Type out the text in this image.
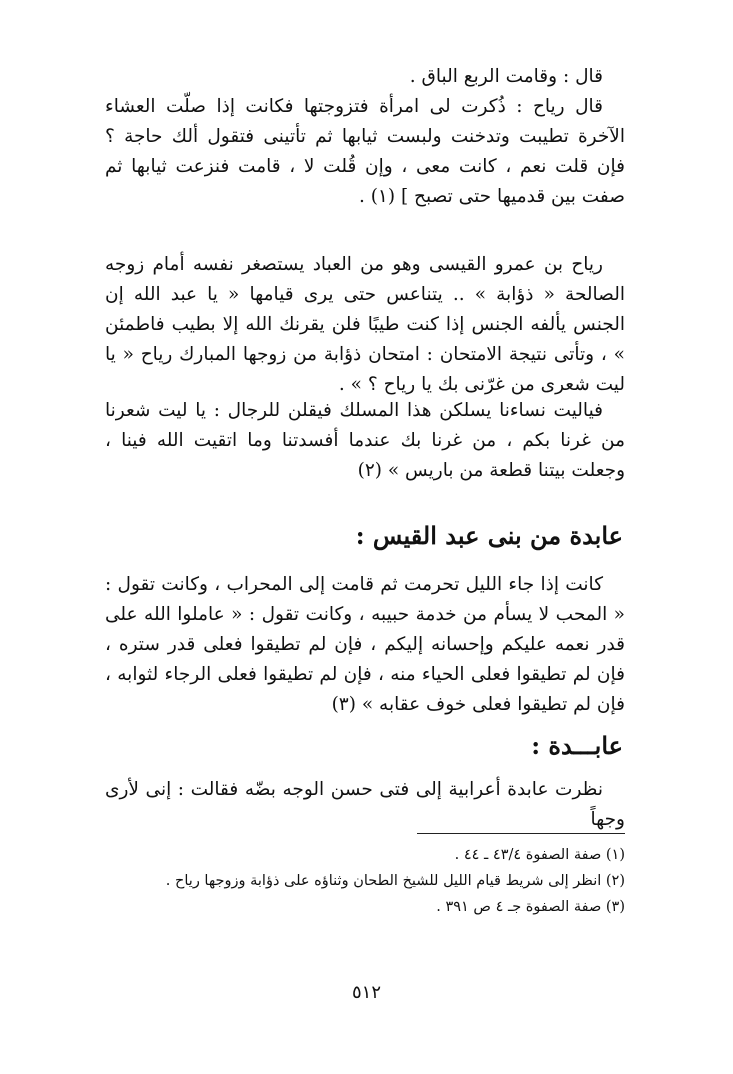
قال : وقامت الربع الباق .

قال رياح : ذُكرت لى امرأة فتزوجتها فكانت إذا صلّت العشاء الآخرة تطيبت وتدخنت ولبست ثيابها ثم تأتينى فتقول ألك حاجة ؟ فإن قلت نعم ، كانت معى ، وإن قُلت لا ، قامت فنزعت ثيابها ثم صفت بين قدميها حتى تصبح ] (١) .

رياح بن عمرو القيسى وهو من العباد يستصغر نفسه أمام زوجه الصالحة « ذؤابة » .. يتناعس حتى يرى قيامها « يا عبد الله إن الجنس يألفه الجنس إذا كنت طيبًا فلن يقرنك الله إلا بطيب فاطمئن » ، وتأتى نتيجة الامتحان : امتحان ذؤابة من زوجها المبارك رياح « يا ليت شعرى من غرّنى بك يا رياح ؟ » .

فياليت نساءنا يسلكن هذا المسلك فيقلن للرجال : يا ليت شعرنا من غرنا بكم ، من غرنا بك عندما أفسدتنا وما اتقيت الله فينا ، وجعلت بيتنا قطعة من باريس » (٢)

عابدة من بنى عبد القيس :

كانت إذا جاء الليل تحرمت ثم قامت إلى المحراب ، وكانت تقول : « المحب لا يسأم من خدمة حبيبه ، وكانت تقول : « عاملوا الله على قدر نعمه عليكم وإحسانه إليكم ، فإن لم تطيقوا فعلى قدر ستره ، فإن لم تطيقوا فعلى الحياء منه ، فإن لم تطيقوا فعلى الرجاء لثوابه ، فإن لم تطيقوا فعلى خوف عقابه » (٣)

عابـــدة :

نظرت عابدة أعرابية إلى فتى حسن الوجه بضّه فقالت : إنى لأرى وجهاً

(١) صفة الصفوة ٤٣/٤ ـ ٤٤ .

(٢) انظر إلى شريط قيام الليل للشيخ الطحان وثناؤه على ذؤابة وزوجها رياح .

(٣) صفة الصفوة جـ ٤ ص ٣٩١ .

٥١٢
